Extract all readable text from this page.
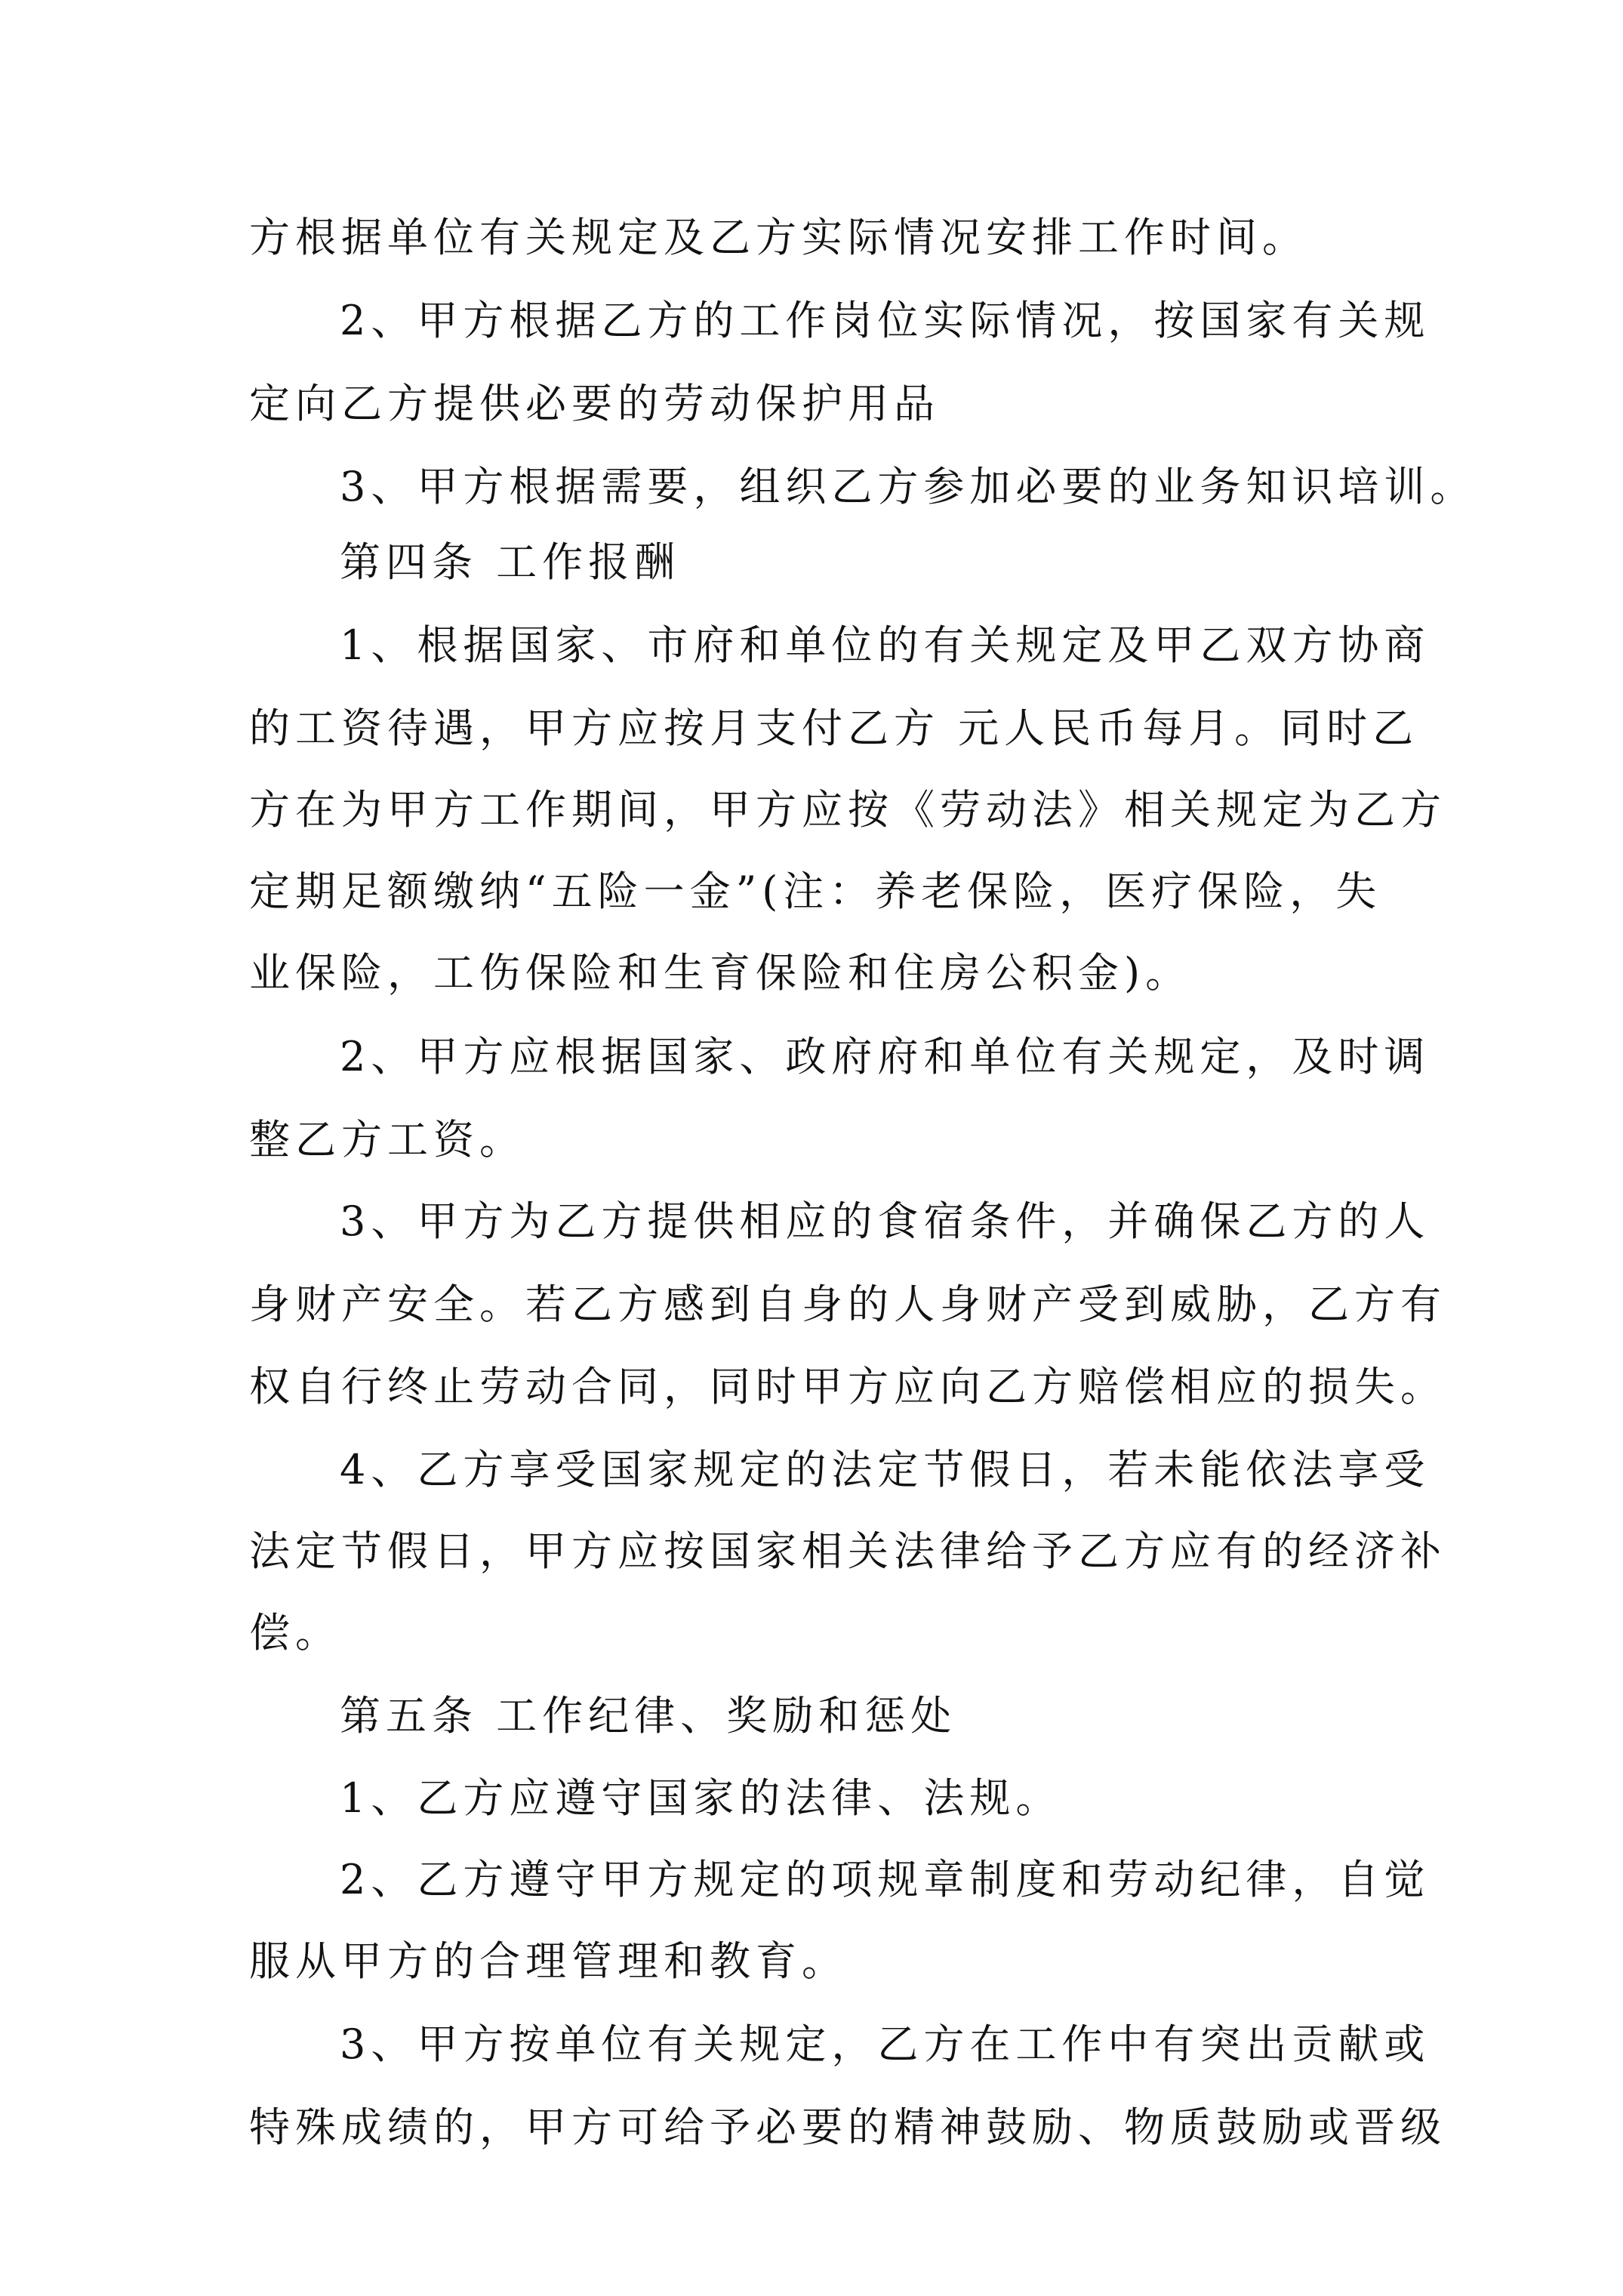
方根据单位有关规定及乙方实际情况安排工作时间。
2、甲方根据乙方的工作岗位实际情况，按国家有关规
定向乙方提供必要的劳动保护用品
3、甲方根据需要，组织乙方参加必要的业务知识培训。
第四条 工作报酬
1、根据国家、市府和单位的有关规定及甲乙双方协商
的工资待遇，甲方应按月支付乙方 元人民币每月。同时乙
方在为甲方工作期间，甲方应按《劳动法》相关规定为乙方
定期足额缴纳“五险一金”(注：养老保险，医疗保险，失
业保险，工伤保险和生育保险和住房公积金)。
2、甲方应根据国家、政府府和单位有关规定，及时调
整乙方工资。
3、甲方为乙方提供相应的食宿条件，并确保乙方的人
身财产安全。若乙方感到自身的人身财产受到威胁，乙方有
权自行终止劳动合同，同时甲方应向乙方赔偿相应的损失。
4、乙方享受国家规定的法定节假日，若未能依法享受
法定节假日，甲方应按国家相关法律给予乙方应有的经济补
偿。
第五条 工作纪律、奖励和惩处
1、乙方应遵守国家的法律、法规。
2、乙方遵守甲方规定的项规章制度和劳动纪律，自觉
服从甲方的合理管理和教育。
3、甲方按单位有关规定，乙方在工作中有突出贡献或
特殊成绩的，甲方可给予必要的精神鼓励、物质鼓励或晋级
